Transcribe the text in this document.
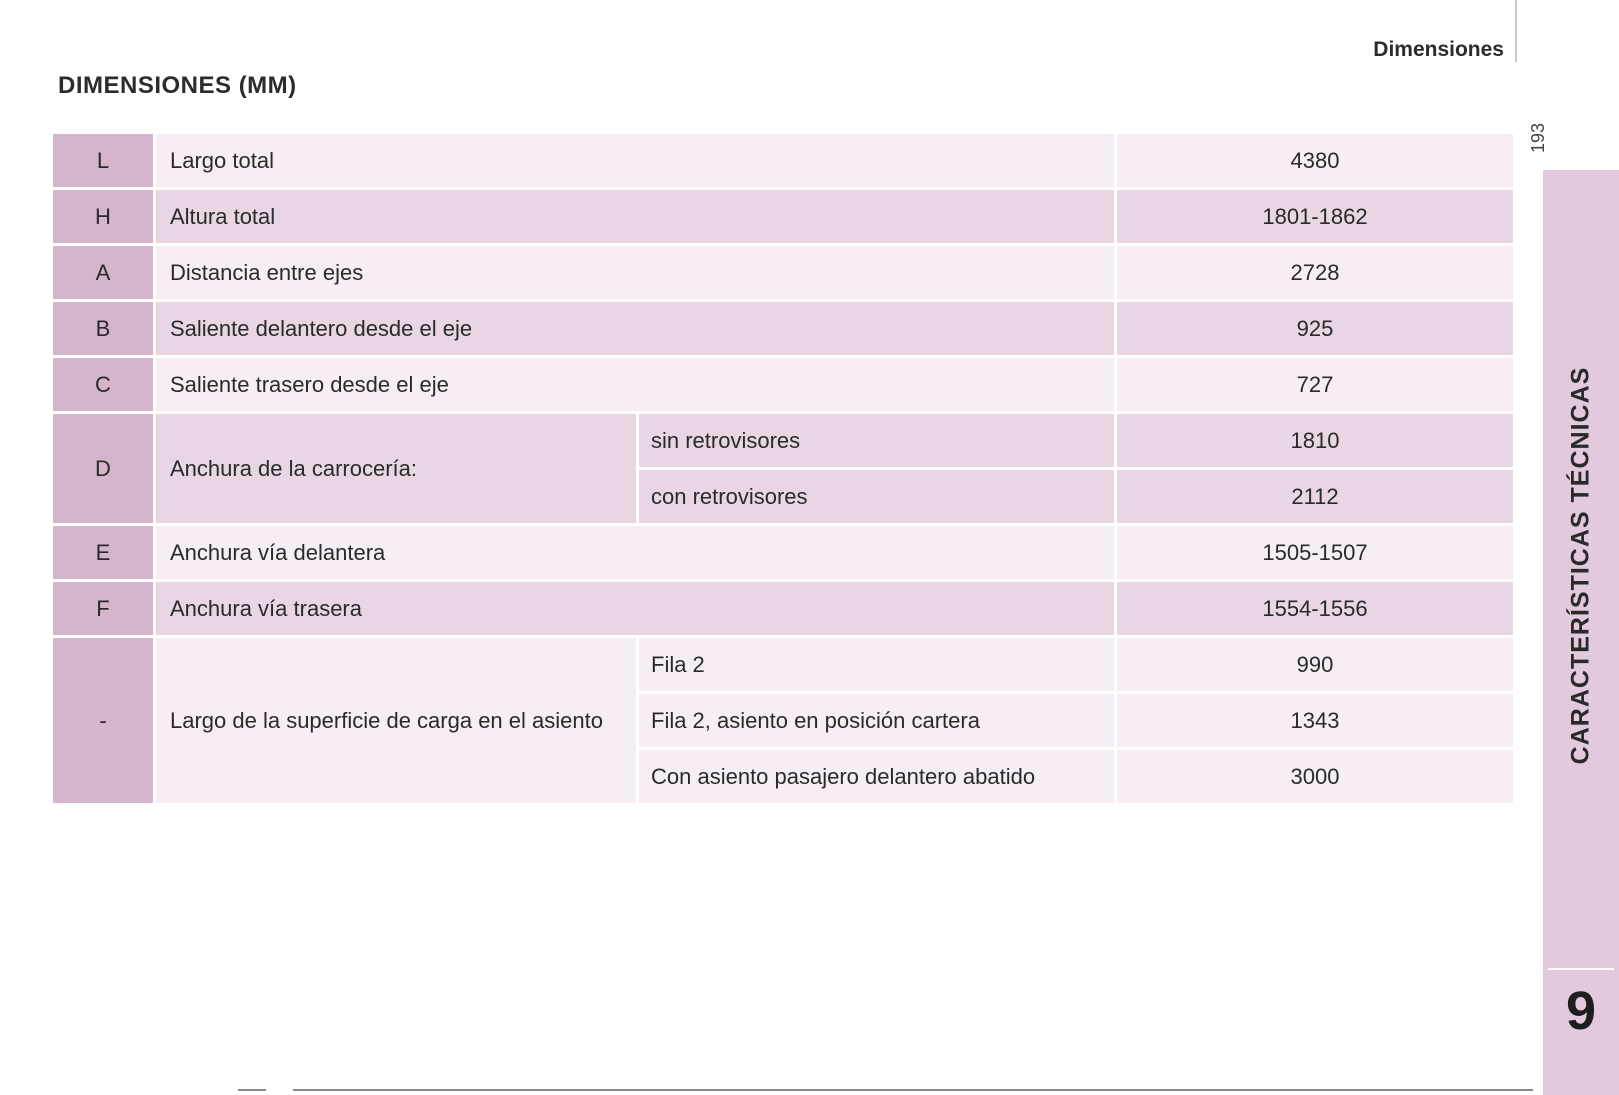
DIMENSIONES (MM)
Dimensiones
193
CARACTERÍSTICAS TÉCNICAS
9
L	Largo total	4380
H	Altura total	1801-1862
A	Distancia entre ejes	2728
B	Saliente delantero desde el eje	925
C	Saliente trasero desde el eje	727
D	Anchura de la carrocería:
sin retrovisores	1810
con retrovisores	2112
E	Anchura vía delantera	1505-1507
F	Anchura vía trasera	1554-1556
-	Largo de la superficie de carga en el asiento
Fila 2	990
Fila 2, asiento en posición cartera	1343
Con asiento pasajero delantero abatido	3000
